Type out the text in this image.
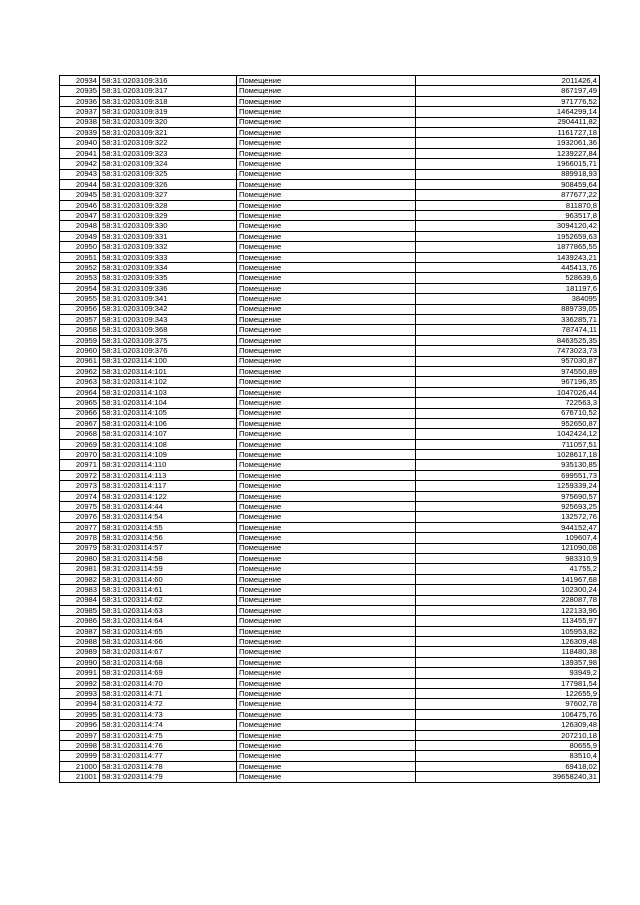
20934	58:31:0203109:316	Помещение	2011426,4
20935	58:31:0203109:317	Помещение	867197,49
20936	58:31:0203109:318	Помещение	971776,52
20937	58:31:0203109:319	Помещение	1464299,14
20938	58:31:0203109:320	Помещение	2904411,82
20939	58:31:0203109:321	Помещение	1161727,18
20940	58:31:0203109:322	Помещение	1932061,36
20941	58:31:0203109:323	Помещение	1239227,84
20942	58:31:0203109:324	Помещение	1966015,71
20943	58:31:0203109:325	Помещение	889918,93
20944	58:31:0203109:326	Помещение	908459,64
20945	58:31:0203109:327	Помещение	877677,22
20946	58:31:0203109:328	Помещение	811870,8
20947	58:31:0203109:329	Помещение	963517,8
20948	58:31:0203109:330	Помещение	3094120,42
20949	58:31:0203109:331	Помещение	1952659,63
20950	58:31:0203109:332	Помещение	1877865,55
20951	58:31:0203109:333	Помещение	1439243,21
20952	58:31:0203109:334	Помещение	445413,76
20953	58:31:0203109:335	Помещение	528639,6
20954	58:31:0203109:336	Помещение	181197,6
20955	58:31:0203109:341	Помещение	384095
20956	58:31:0203109:342	Помещение	889739,05
20957	58:31:0203109:343	Помещение	336285,71
20958	58:31:0203109:368	Помещение	787474,11
20959	58:31:0203109:375	Помещение	8463525,35
20960	58:31:0203109:376	Помещение	7473023,73
20961	58:31:0203114:100	Помещение	957030,87
20962	58:31:0203114:101	Помещение	974550,89
20963	58:31:0203114:102	Помещение	967196,35
20964	58:31:0203114:103	Помещение	1047026,44
20965	58:31:0203114:104	Помещение	722563,3
20966	58:31:0203114:105	Помещение	676710,52
20967	58:31:0203114:106	Помещение	952650,87
20968	58:31:0203114:107	Помещение	1042424,12
20969	58:31:0203114:108	Помещение	711057,51
20970	58:31:0203114:109	Помещение	1028617,18
20971	58:31:0203114:110	Помещение	935130,85
20972	58:31:0203114:113	Помещение	699551,73
20973	58:31:0203114:117	Помещение	1259339,24
20974	58:31:0203114:122	Помещение	975690,57
20975	58:31:0203114:44	Помещение	925693,25
20976	58:31:0203114:54	Помещение	132572,76
20977	58:31:0203114:55	Помещение	944152,47
20978	58:31:0203114:56	Помещение	109607,4
20979	58:31:0203114:57	Помещение	121090,08
20980	58:31:0203114:58	Помещение	983310,9
20981	58:31:0203114:59	Помещение	41755,2
20982	58:31:0203114:60	Помещение	141967,68
20983	58:31:0203114:61	Помещение	102300,24
20984	58:31:0203114:62	Помещение	228087,78
20985	58:31:0203114:63	Помещение	122133,96
20986	58:31:0203114:64	Помещение	113455,97
20987	58:31:0203114:65	Помещение	105953,82
20988	58:31:0203114:66	Помещение	126309,48
20989	58:31:0203114:67	Помещение	118480,38
20990	58:31:0203114:68	Помещение	139357,98
20991	58:31:0203114:69	Помещение	93949,2
20992	58:31:0203114:70	Помещение	177981,54
20993	58:31:0203114:71	Помещение	122655,9
20994	58:31:0203114:72	Помещение	97602,78
20995	58:31:0203114:73	Помещение	106475,76
20996	58:31:0203114:74	Помещение	126309,48
20997	58:31:0203114:75	Помещение	207210,18
20998	58:31:0203114:76	Помещение	80655,9
20999	58:31:0203114:77	Помещение	83510,4
21000	58:31:0203114:78	Помещение	69418,02
21001	58:31:0203114:79	Помещение	39658240,31
